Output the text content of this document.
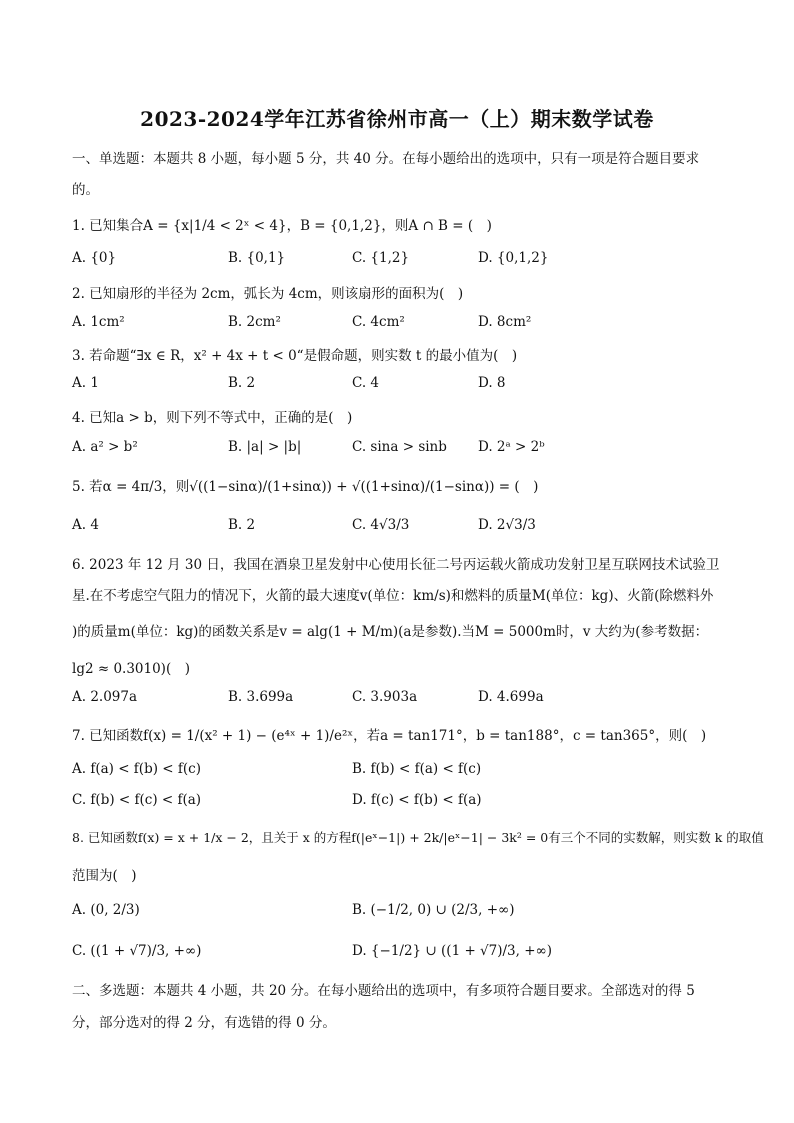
2023-2024学年江苏省徐州市高一（上）期末数学试卷
一、单选题：本题共 8 小题，每小题 5 分，共 40 分。在每小题给出的选项中，只有一项是符合题目要求
的。
1. 已知集合A = {x|1/4 < 2ˣ < 4}，B = {0,1,2}，则A ∩ B = (　)
A. {0}	B. {0,1}	C. {1,2}	D. {0,1,2}
2. 已知扇形的半径为 2cm，弧长为 4cm，则该扇形的面积为(　)
A. 1cm²	B. 2cm²	C. 4cm²	D. 8cm²
3. 若命题“∃x ∈ R，x² + 4x + t < 0“是假命题，则实数 t 的最小值为(　)
A. 1	B. 2	C. 4	D. 8
4. 已知a > b，则下列不等式中，正确的是(　)
A. a² > b²	B. |a| > |b|	C. sina > sinb D. 2ᵃ > 2ᵇ
5. 若α = 4π/3，则√((1−sinα)/(1+sinα)) + √((1+sinα)/(1−sinα)) = (　)
A. 4	B. 2	C. 4√3/3	D. 2√3/3
6. 2023 年 12 月 30 日，我国在酒泉卫星发射中心使用长征二号丙运载火箭成功发射卫星互联网技术试验卫
星.在不考虑空气阻力的情况下，火箭的最大速度v(单位：km/s)和燃料的质量M(单位：kg)、火箭(除燃料外
)的质量m(单位：kg)的函数关系是v = alg(1 + M/m)(a是参数).当M = 5000m时，v 大约为(参考数据：
lg2 ≈ 0.3010)(　)
A. 2.097a	B. 3.699a	C. 3.903a	D. 4.699a
7. 已知函数f(x) = 1/(x² + 1) − (e⁴ˣ + 1)/e²ˣ，若a = tan171°，b = tan188°，c = tan365°，则(　)
A. f(a) < f(b) < f(c)	B. f(b) < f(a) < f(c)
C. f(b) < f(c) < f(a)	D. f(c) < f(b) < f(a)
8. 已知函数f(x) = x + 1/x − 2，且关于 x 的方程f(|eˣ−1|) + 2k/|eˣ−1| − 3k² = 0有三个不同的实数解，则实数 k 的取值
范围为(　)
A. (0, 2/3)	B. (−1/2, 0) ∪ (2/3, +∞)
C. ((1 + √7)/3, +∞)	D. {−1/2} ∪ ((1 + √7)/3, +∞)
二、多选题：本题共 4 小题，共 20 分。在每小题给出的选项中，有多项符合题目要求。全部选对的得 5
分，部分选对的得 2 分，有选错的得 0 分。
